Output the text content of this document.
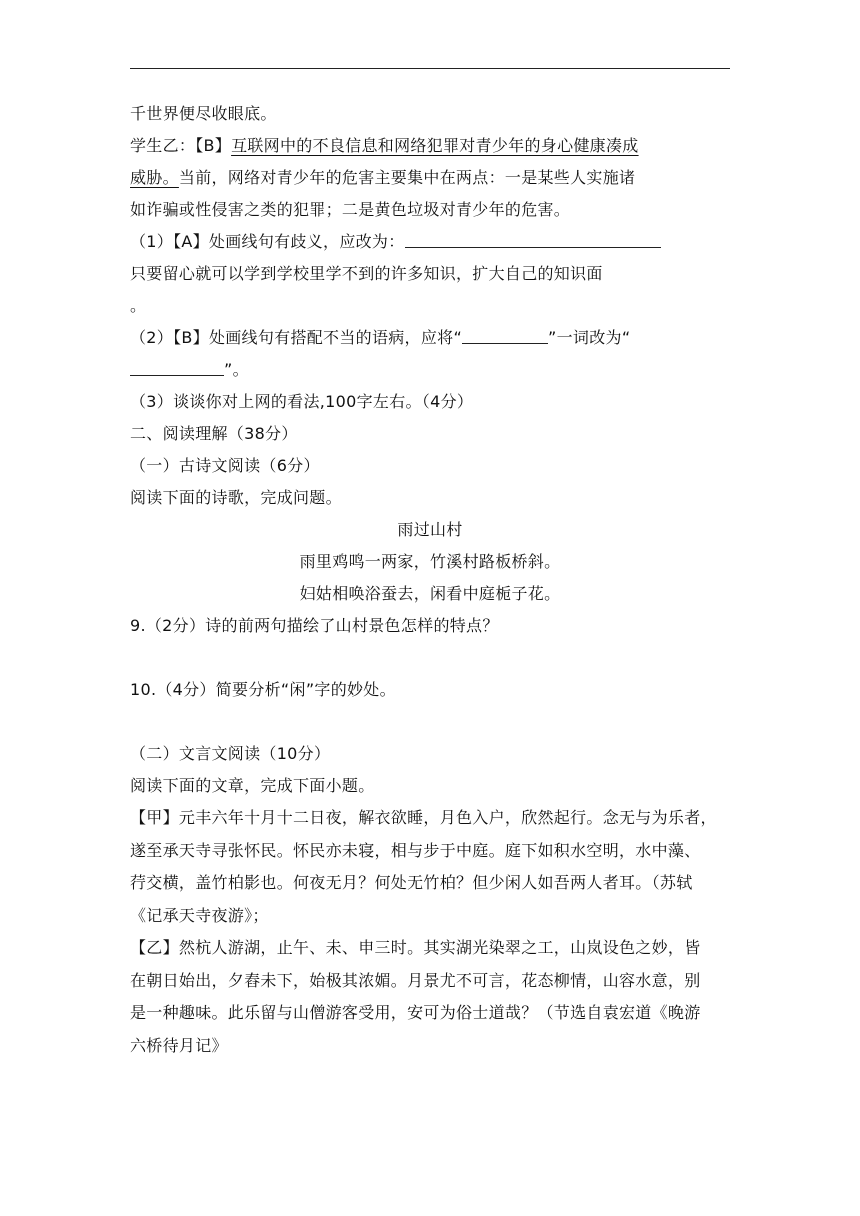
千世界便尽收眼底。
学生乙：【B】互联网中的不良信息和网络犯罪对青少年的身心健康凑成
威胁。当前，网络对青少年的危害主要集中在两点：一是某些人实施诸
如诈骗或性侵害之类的犯罪；二是黄色垃圾对青少年的危害。
（1）【A】处画线句有歧义，应改为：
只要留心就可以学到学校里学不到的许多知识，扩大自己的知识面
。
（2）【B】处画线句有搭配不当的语病，应将“	”一词改为“
”。
（3）谈谈你对上网的看法,100字左右。（4分）
二、阅读理解（38分）
（一）古诗文阅读（6分）
阅读下面的诗歌，完成问题。
雨过山村
雨里鸡鸣一两家，竹溪村路板桥斜。
妇姑相唤浴蚕去，闲看中庭栀子花。
9.（2分）诗的前两句描绘了山村景色怎样的特点？
10.（4分）简要分析“闲”字的妙处。
（二）文言文阅读（10分）
阅读下面的文章，完成下面小题。
【甲】元丰六年十月十二日夜，解衣欲睡，月色入户，欣然起行。念无与为乐者，
遂至承天寺寻张怀民。怀民亦未寝，相与步于中庭。庭下如积水空明，水中藻、
荇交横，盖竹柏影也。何夜无月？何处无竹柏？但少闲人如吾两人者耳。（苏轼
《记承天寺夜游》；
【乙】然杭人游湖，止午、未、申三时。其实湖光染翠之工，山岚设色之妙，皆
在朝日始出，夕舂未下，始极其浓媚。月景尤不可言，花态柳情，山容水意，别
是一种趣味。此乐留与山僧游客受用，安可为俗士道哉？（节选自袁宏道《晚游
六桥待月记》
